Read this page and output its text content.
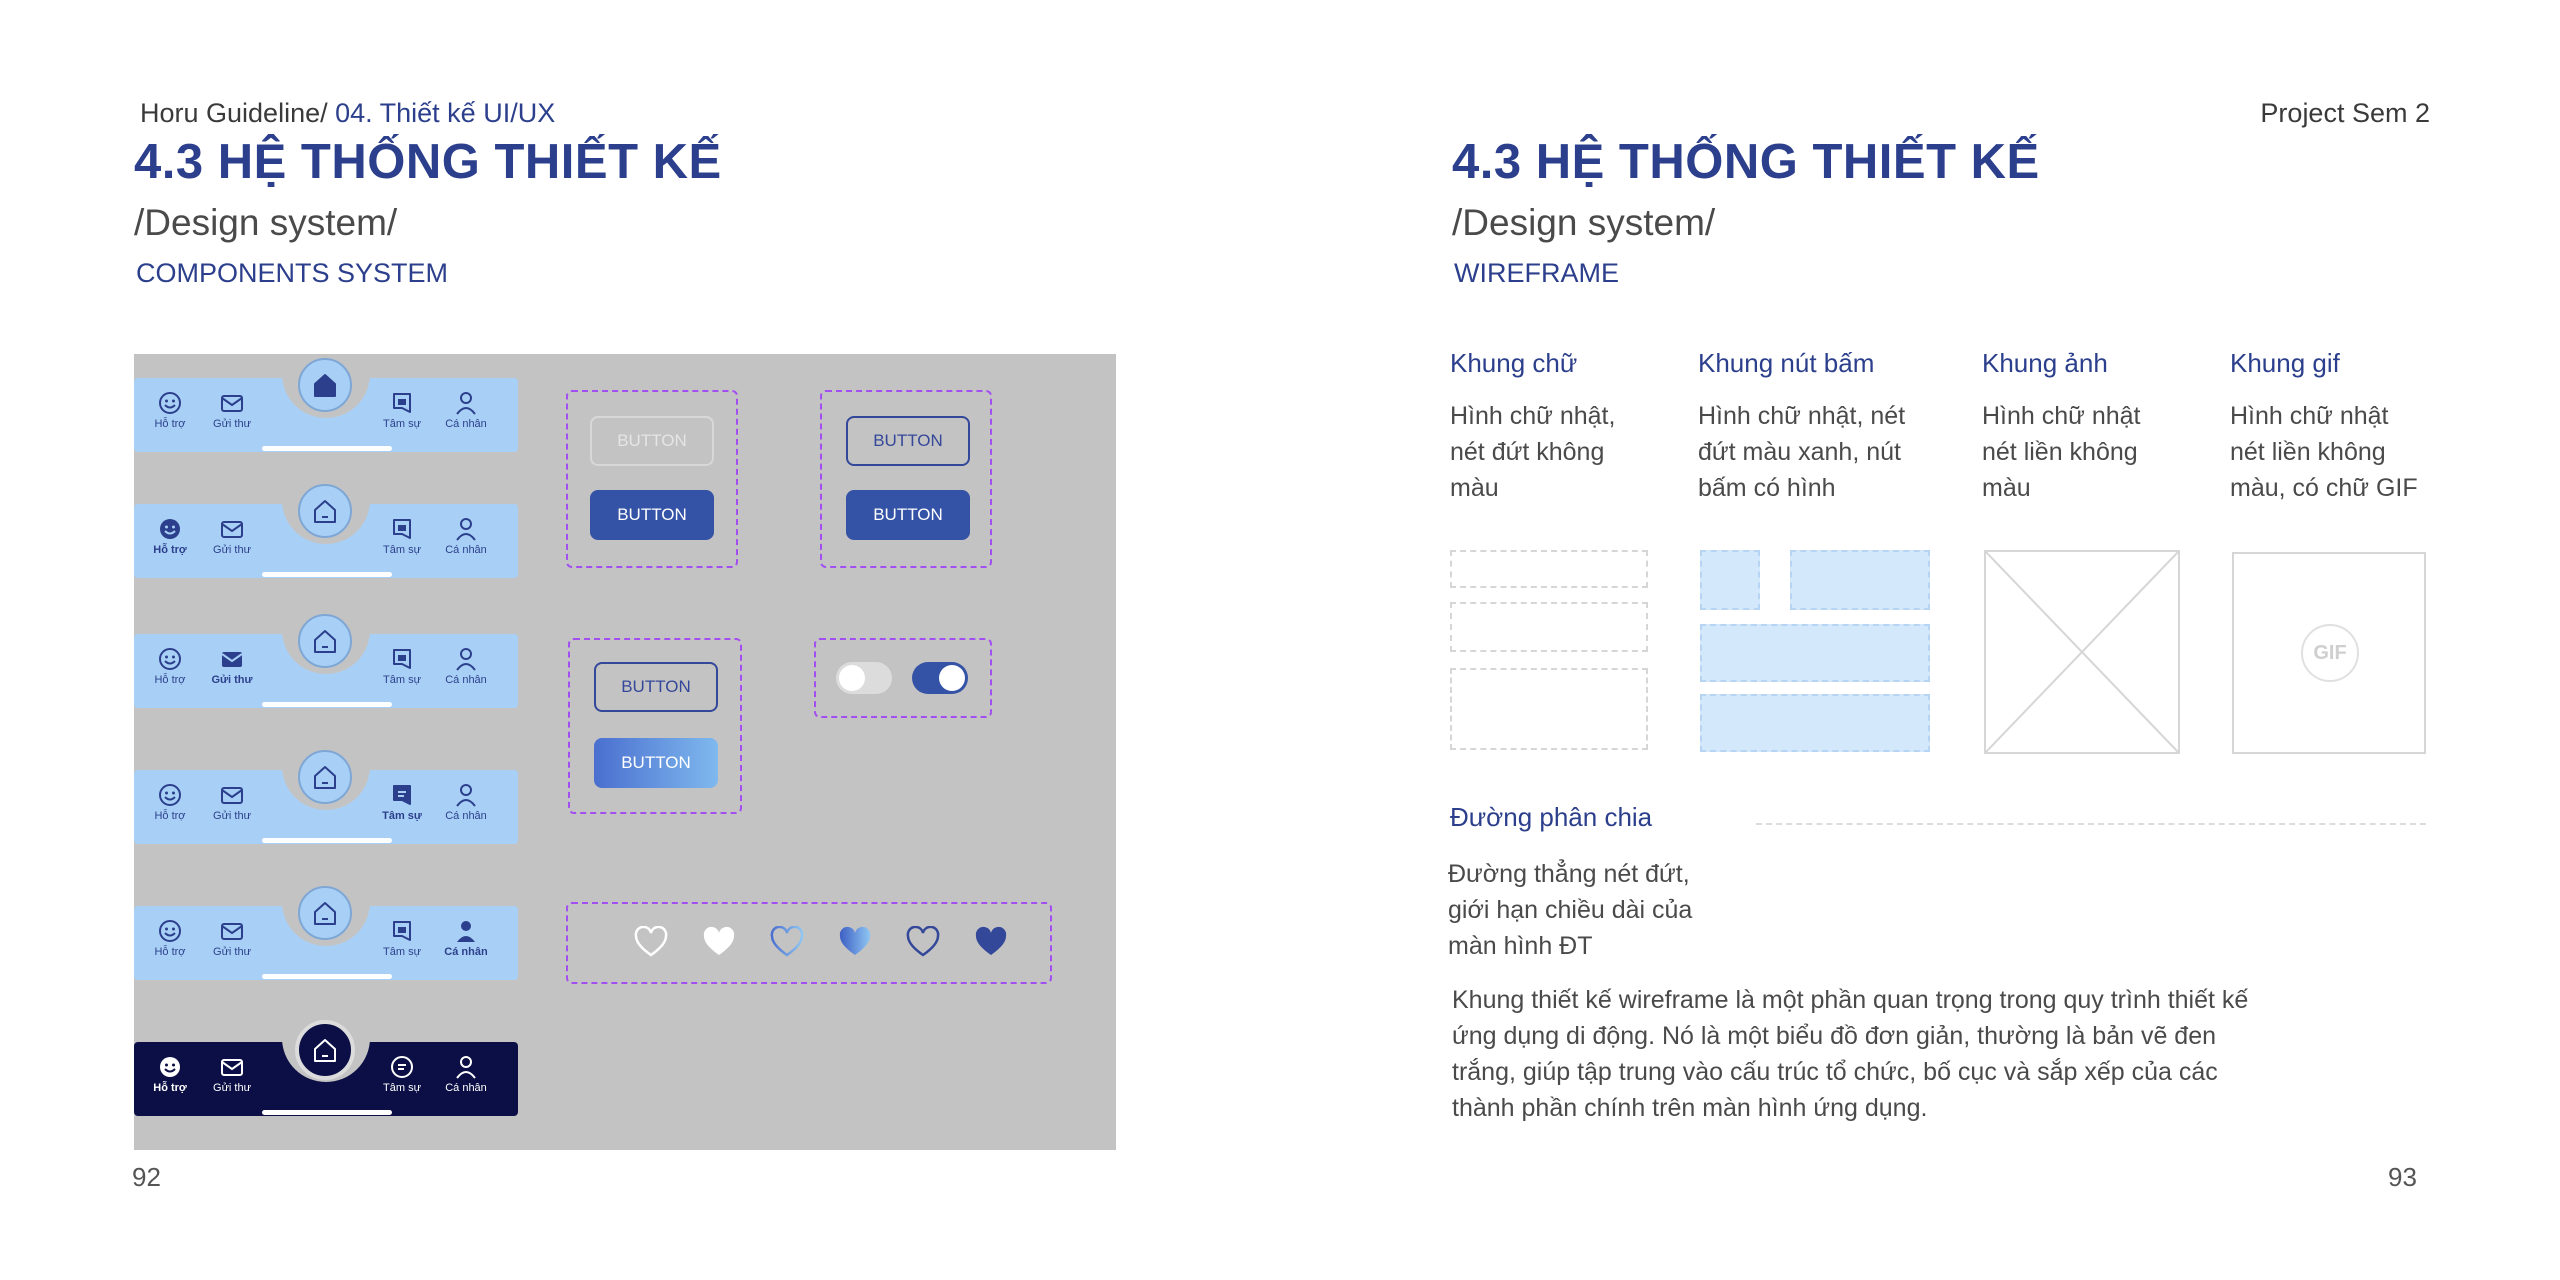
Horu Guideline/ 04. Thiết kế UI/UX
4.3 HỆ THỐNG THIẾT KẾ
/Design system/
COMPONENTS SYSTEM
Hỗ trợ	Gửi thư	Tâm sự	Cá nhân
Hỗ trợ	Gửi thư	Tâm sự	Cá nhân
Hỗ trợ	Gửi thư	Tâm sự	Cá nhân
Hỗ trợ	Gửi thư	Tâm sự	Cá nhân
Hỗ trợ	Gửi thư	Tâm sự	Cá nhân
Hỗ trợ	Gửi thư	Tâm sự	Cá nhân
BUTTON
BUTTON
BUTTON
BUTTON
BUTTON
BUTTON
92
Project Sem 2
4.3 HỆ THỐNG THIẾT KẾ
/Design system/
WIREFRAME
Khung chữ	Khung nút bấm	Khung ảnh	Khung gif
Hình chữ nhật, nét đứt không màu
Hình chữ nhật, nét đứt màu xanh, nút bấm có hình
Hình chữ nhật nét liền không màu
Hình chữ nhật nét liền không màu, có chữ GIF
GIF
Đường phân chia
Đường thẳng nét đứt, giới hạn chiều dài của màn hình ĐT
Khung thiết kế wireframe là một phần quan trọng trong quy trình thiết kế ứng dụng di động. Nó là một biểu đồ đơn giản, thường là bản vẽ đen trắng, giúp tập trung vào cấu trúc tổ chức, bố cục và sắp xếp của các thành phần chính trên màn hình ứng dụng.
93
